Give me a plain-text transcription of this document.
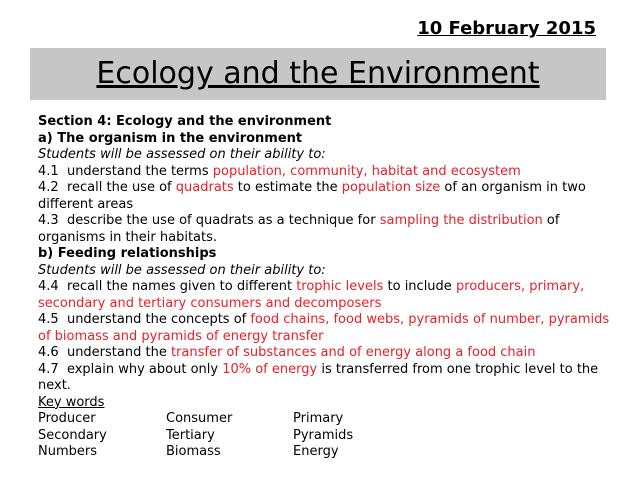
10 February 2015
Ecology and the Environment

Section 4: Ecology and the environment

a) The organism in the environment

Students will be assessed on their ability to:

4.1 understand the terms population, community, habitat and ecosystem

4.2 recall the use of quadrats to estimate the population size of an organism in two different areas

4.3 describe the use of quadrats as a technique for sampling the distribution of organisms in their habitats.

b) Feeding relationships

Students will be assessed on their ability to:

4.4 recall the names given to different trophic levels to include producers, primary, secondary and tertiary consumers and decomposers

4.5 understand the concepts of food chains, food webs, pyramids of number, pyramids of biomass and pyramids of energy transfer

4.6 understand the transfer of substances and of energy along a food chain

4.7 explain why about only 10% of energy is transferred from one trophic level to the next.

Key words

Producer	Consumer	Primary
Secondary	Tertiary	Pyramids
Numbers	Biomass	Energy
